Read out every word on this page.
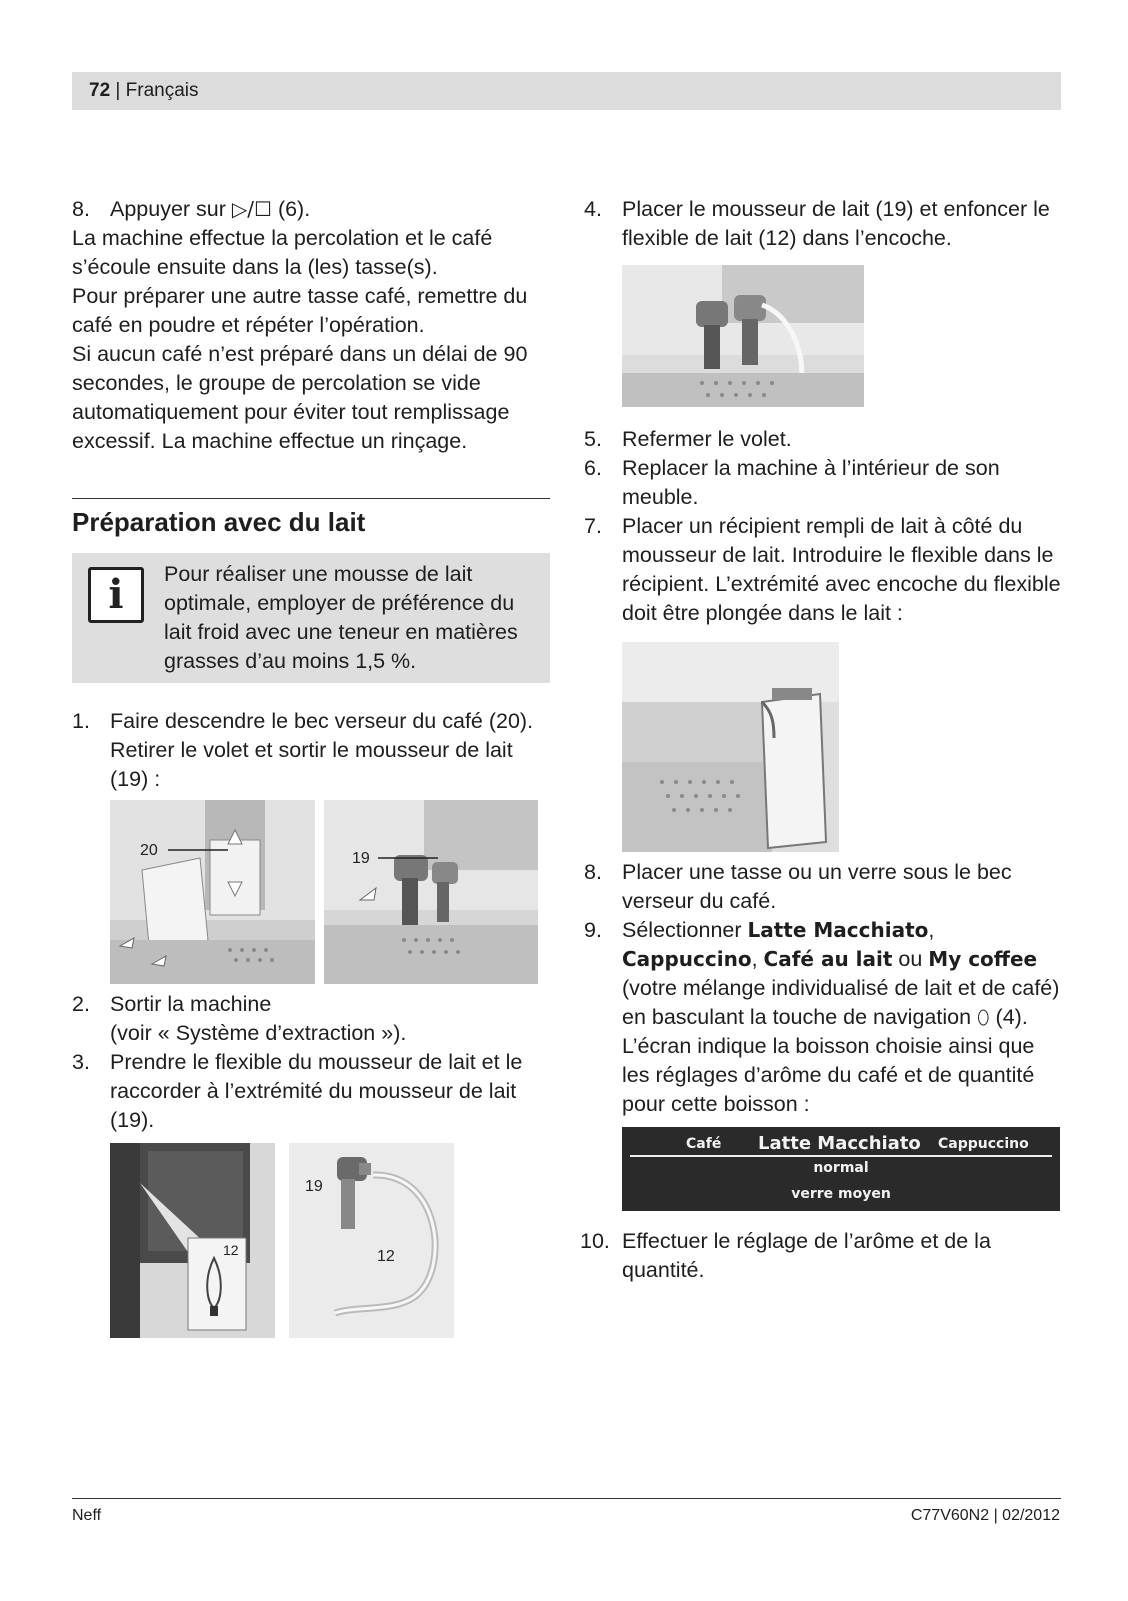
72 | Français
8. Appuyer sur ▷/☐ (6).

La machine effectue la percolation et le café s’écoule ensuite dans la (les) tasse(s).

Pour préparer une autre tasse café, remettre du café en poudre et répéter l’opération.

Si aucun café n’est préparé dans un délai de 90 secondes, le groupe de percolation se vide automatiquement pour éviter tout remplissage excessif. La machine effectue un rinçage.

Préparation avec du lait
i	Pour réaliser une mousse de lait optimale, employer de préférence du lait froid avec une teneur en matières grasses d’au moins 1,5 %.

1. Faire descendre le bec verseur du café (20). Retirer le volet et sortir le mousseur de lait (19) :
20	19
2. Sortir la machine
(voir « Système d’extraction »).
3. Prendre le flexible du mousseur de lait et le raccorder à l’extrémité du mousseur de lait (19).
12
19
12
4. Placer le mousseur de lait (19) et enfoncer le flexible de lait (12) dans l’encoche.
5. Refermer le volet.
6. Replacer la machine à l’intérieur de son meuble.
7. Placer un récipient rempli de lait à côté du mousseur de lait. Introduire le flexible dans le récipient. L’extrémité avec encoche du flexible doit être plongée dans le lait :
8. Placer une tasse ou un verre sous le bec verseur du café.
9. Sélectionner Latte Macchiato, Cappuccino, Café au lait ou My coffee (votre mélange individualisé de lait et de café) en basculant la touche de navigation ⬯ (4). L’écran indique la boisson choisie ainsi que les réglages d’arôme du café et de quantité pour cette boisson :
Café Latte Macchiato Cappuccino
normal
verre moyen
10. Effectuer le réglage de l’arôme et de la quantité.
Neff	C77V60N2 | 02/2012
